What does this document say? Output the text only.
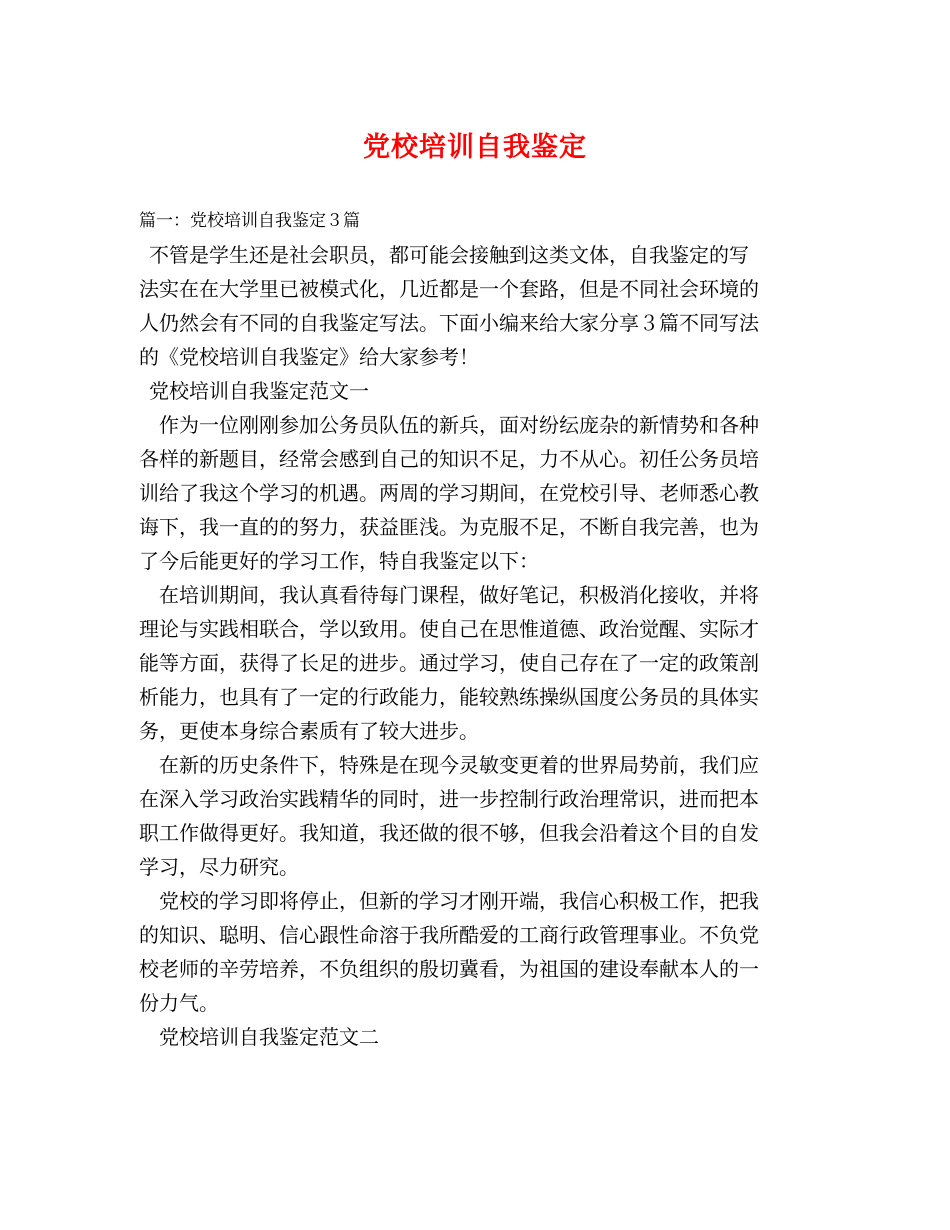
党校培训自我鉴定
篇一：党校培训自我鉴定３篇
不管是学生还是社会职员，都可能会接触到这类文体，自我鉴定的写
法实在在大学里已被模式化，几近都是一个套路，但是不同社会环境的
人仍然会有不同的自我鉴定写法。下面小编来给大家分享３篇不同写法
的《党校培训自我鉴定》给大家参考！
党校培训自我鉴定范文一
作为一位刚刚参加公务员队伍的新兵，面对纷纭庞杂的新情势和各种
各样的新题目，经常会感到自己的知识不足，力不从心。初任公务员培
训给了我这个学习的机遇。两周的学习期间，在党校引导、老师悉心教
诲下，我一直的的努力，获益匪浅。为克服不足，不断自我完善，也为
了今后能更好的学习工作，特自我鉴定以下：
在培训期间，我认真看待每门课程，做好笔记，积极消化接收，并将
理论与实践相联合，学以致用。使自己在思惟道德、政治觉醒、实际才
能等方面，获得了长足的进步。通过学习，使自己存在了一定的政策剖
析能力，也具有了一定的行政能力，能较熟练操纵国度公务员的具体实
务，更使本身综合素质有了较大进步。
在新的历史条件下，特殊是在现今灵敏变更着的世界局势前，我们应
在深入学习政治实践精华的同时，进一步控制行政治理常识，进而把本
职工作做得更好。我知道，我还做的很不够，但我会沿着这个目的自发
学习，尽力研究。
党校的学习即将停止，但新的学习才刚开端，我信心积极工作，把我
的知识、聪明、信心跟性命溶于我所酷爱的工商行政管理事业。不负党
校老师的辛劳培养，不负组织的殷切冀看，为祖国的建设奉献本人的一
份力气。
党校培训自我鉴定范文二
